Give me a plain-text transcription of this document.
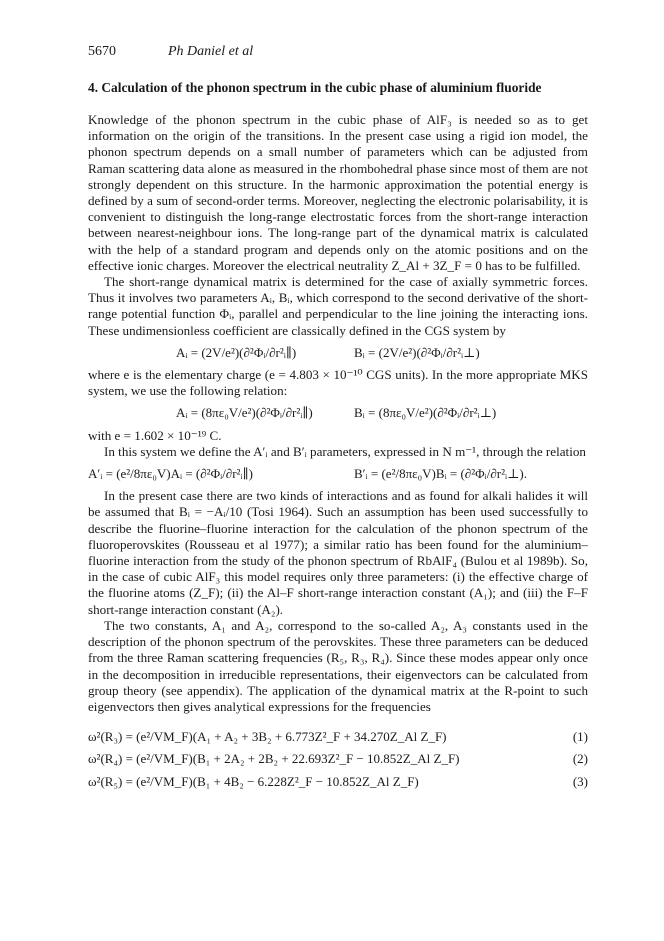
5670	Ph Daniel et al
4. Calculation of the phonon spectrum in the cubic phase of aluminium fluoride

Knowledge of the phonon spectrum in the cubic phase of AlF₃ is needed so as to get information on the origin of the transitions. In the present case using a rigid ion model, the phonon spectrum depends on a small number of parameters which can be adjusted from Raman scattering data alone as measured in the rhombohedral phase since most of them are not strongly dependent on this structure. In the harmonic approximation the potential energy is defined by a sum of second-order terms. Moreover, neglecting the electronic polarisability, it is convenient to distinguish the long-range electrostatic forces from the short-range interaction between nearest-neighbour ions. The long-range part of the dynamical matrix is calculated with the help of a standard program and depends only on the atomic positions and on the effective ionic charges. Moreover the electrical neutrality Z_Al + 3Z_F = 0 has to be fulfilled.

The short-range dynamical matrix is determined for the case of axially symmetric forces. Thus it involves two parameters Aᵢ, Bᵢ, which correspond to the second derivative of the short-range potential function Φᵢ, parallel and perpendicular to the line joining the interacting ions. These undimensionless coefficient are classically defined in the CGS system by

Aᵢ = (2V/e²)(∂²Φᵢ/∂r²ᵢ∥)	Bᵢ = (2V/e²)(∂²Φᵢ/∂r²ᵢ⊥)

where e is the elementary charge (e = 4.803 × 10⁻¹⁰ CGS units). In the more appropriate MKS system, we use the following relation:

Aᵢ = (8πε₀V/e²)(∂²Φᵢ/∂r²ᵢ∥)	Bᵢ = (8πε₀V/e²)(∂²Φᵢ/∂r²ᵢ⊥)

with e = 1.602 × 10⁻¹⁹ C.

In this system we define the A′ᵢ and B′ᵢ parameters, expressed in N m⁻¹, through the relation

A′ᵢ = (e²/8πε₀V)Aᵢ = (∂²Φᵢ/∂r²ᵢ∥)	B′ᵢ = (e²/8πε₀V)Bᵢ = (∂²Φᵢ/∂r²ᵢ⊥).

In the present case there are two kinds of interactions and as found for alkali halides it will be assumed that Bᵢ = −Aᵢ/10 (Tosi 1964). Such an assumption has been used successfully to describe the fluorine–fluorine interaction for the calculation of the phonon spectrum of the fluoroperovskites (Rousseau et al 1977); a similar ratio has been found for the aluminium–fluorine interaction from the study of the phonon spectrum of RbAlF₄ (Bulou et al 1989b). So, in the case of cubic AlF₃ this model requires only three parameters: (i) the effective charge of the fluorine atoms (Z_F); (ii) the Al–F short-range interaction constant (A₁); and (iii) the F–F short-range interaction constant (A₂).

The two constants, A₁ and A₂, correspond to the so-called A₂, A₃ constants used in the description of the phonon spectrum of the perovskites. These three parameters can be deduced from the three Raman scattering frequencies (R₅, R₃, R₄). Since these modes appear only once in the decomposition in irreducible representations, their eigenvectors can be calculated from group theory (see appendix). The application of the dynamical matrix at the R-point to such eigenvectors then gives analytical expressions for the frequencies

ω²(R₃) = (e²/VM_F)(A₁ + A₂ + 3B₂ + 6.773Z²_F + 34.270Z_Al Z_F)	(1)
ω²(R₄) = (e²/VM_F)(B₁ + 2A₂ + 2B₂ + 22.693Z²_F − 10.852Z_Al Z_F)	(2)
ω²(R₅) = (e²/VM_F)(B₁ + 4B₂ − 6.228Z²_F − 10.852Z_Al Z_F)	(3)
